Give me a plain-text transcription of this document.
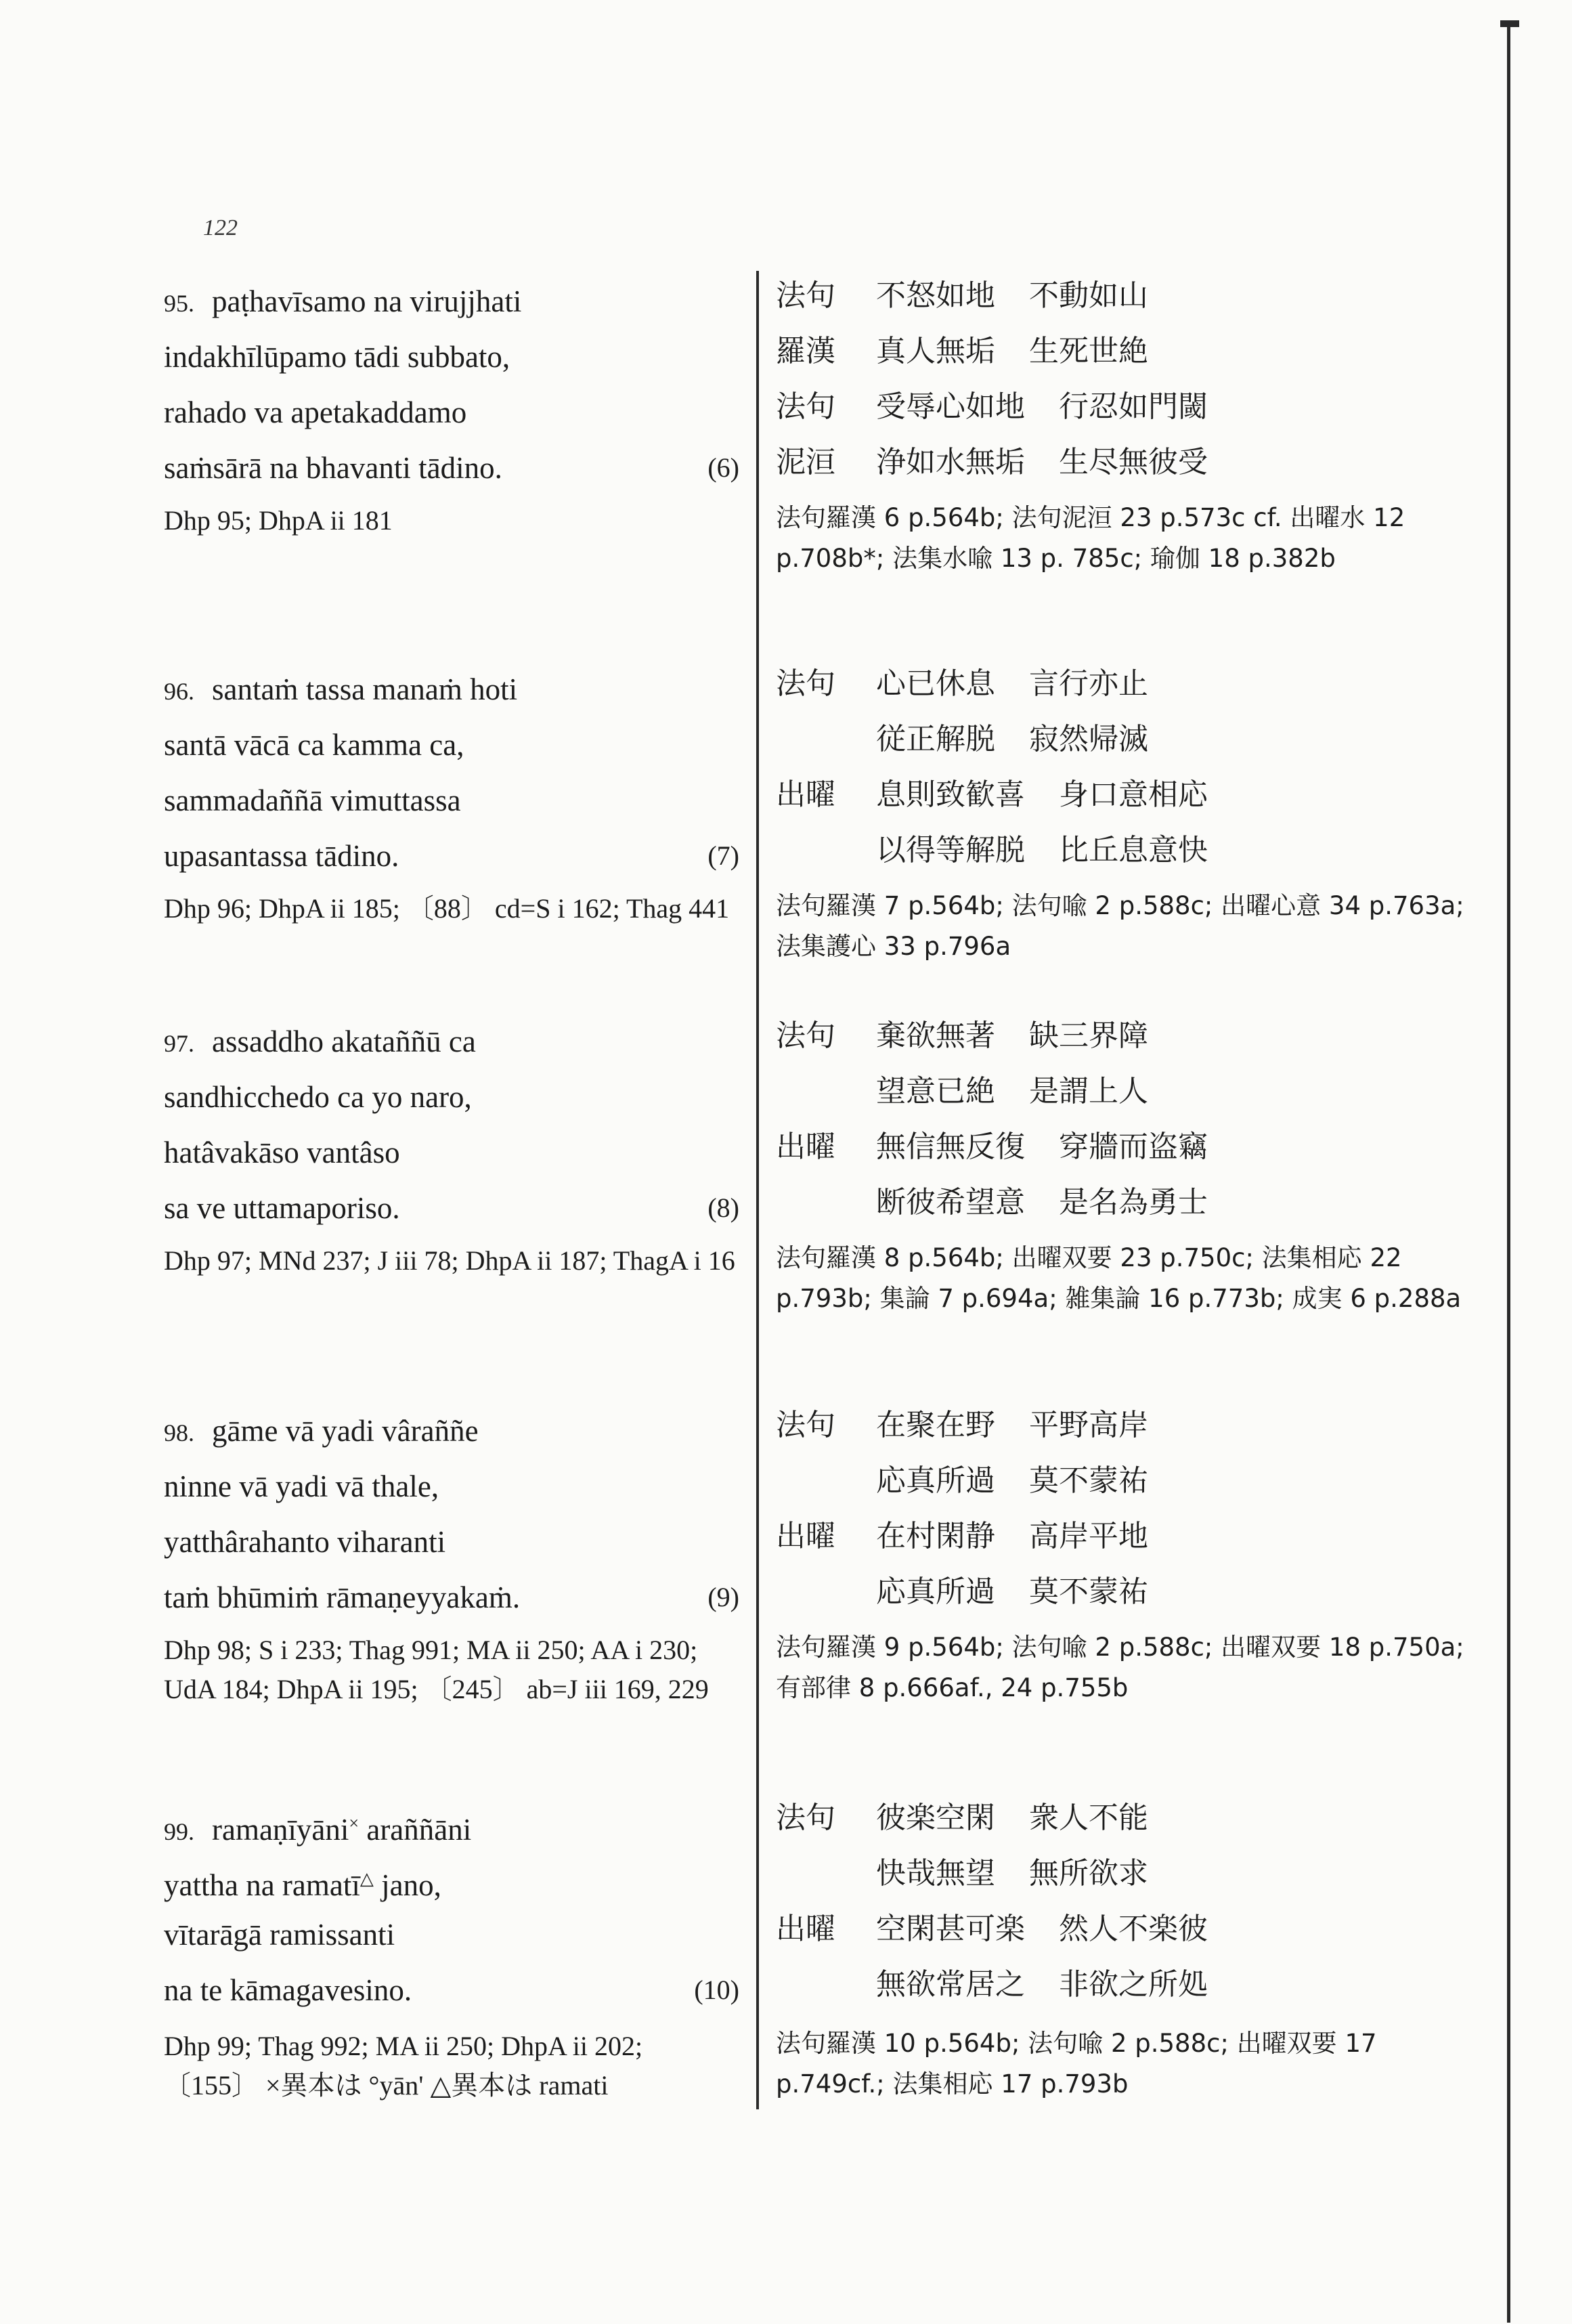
122
95. paṭhavīsamo na virujjhati
indakhīlūpamo tādi subbato,
rahado va apetakaddamo
saṁsārā na bhavanti tādino.	(6)
Dhp 95; DhpA ii 181
法句 不怒如地 不動如山
羅漢 真人無垢 生死世絶
法句 受辱心如地 行忍如門閾
泥洹 浄如水無垢 生尽無彼受
法句羅漢 6 p.564b; 法句泥洹 23 p.573c cf. 出曜水 12 p.708b*; 法集水喩 13 p. 785c; 瑜伽 18 p.382b
96. santaṁ tassa manaṁ hoti
santā vācā ca kamma ca,
sammadaññā vimuttassa
upasantassa tādino.	(7)
Dhp 96; DhpA ii 185; 〔88〕 cd=S i 162; Thag 441
法句 心已休息 言行亦止
従正解脱 寂然帰滅
出曜 息則致歓喜 身口意相応
以得等解脱 比丘息意快
法句羅漢 7 p.564b; 法句喩 2 p.588c; 出曜心意 34 p.763a; 法集護心 33 p.796a
97. assaddho akataññū ca
sandhicchedo ca yo naro,
hatâvakāso vantâso
sa ve uttamaporiso.	(8)
Dhp 97; MNd 237; J iii 78; DhpA ii 187; ThagA i 16
法句 棄欲無著 缺三界障
望意已絶 是謂上人
出曜 無信無反復 穿牆而盗竊
断彼希望意 是名為勇士
法句羅漢 8 p.564b; 出曜双要 23 p.750c; 法集相応 22 p.793b; 集論 7 p.694a; 雑集論 16 p.773b; 成実 6 p.288a
98. gāme vā yadi vâraññe
ninne vā yadi vā thale,
yatthârahanto viharanti
taṁ bhūmiṁ rāmaṇeyyakaṁ.	(9)
Dhp 98; S i 233; Thag 991; MA ii 250; AA i 230; UdA 184; DhpA ii 195; 〔245〕 ab=J iii 169, 229
法句 在聚在野 平野高岸
応真所過 莫不蒙祐
出曜 在村閑静 高岸平地
応真所過 莫不蒙祐
法句羅漢 9 p.564b; 法句喩 2 p.588c; 出曜双要 18 p.750a; 有部律 8 p.666af., 24 p.755b
99. ramaṇīyāni× araññāni
yattha na ramatī△ jano,
vītarāgā ramissanti
na te kāmagavesino.	(10)
Dhp 99; Thag 992; MA ii 250; DhpA ii 202; 〔155〕 ×異本は °yān' △異本は ramati
法句 彼楽空閑 衆人不能
快哉無望 無所欲求
出曜 空閑甚可楽 然人不楽彼
無欲常居之 非欲之所処
法句羅漢 10 p.564b; 法句喩 2 p.588c; 出曜双要 17 p.749cf.; 法集相応 17 p.793b
